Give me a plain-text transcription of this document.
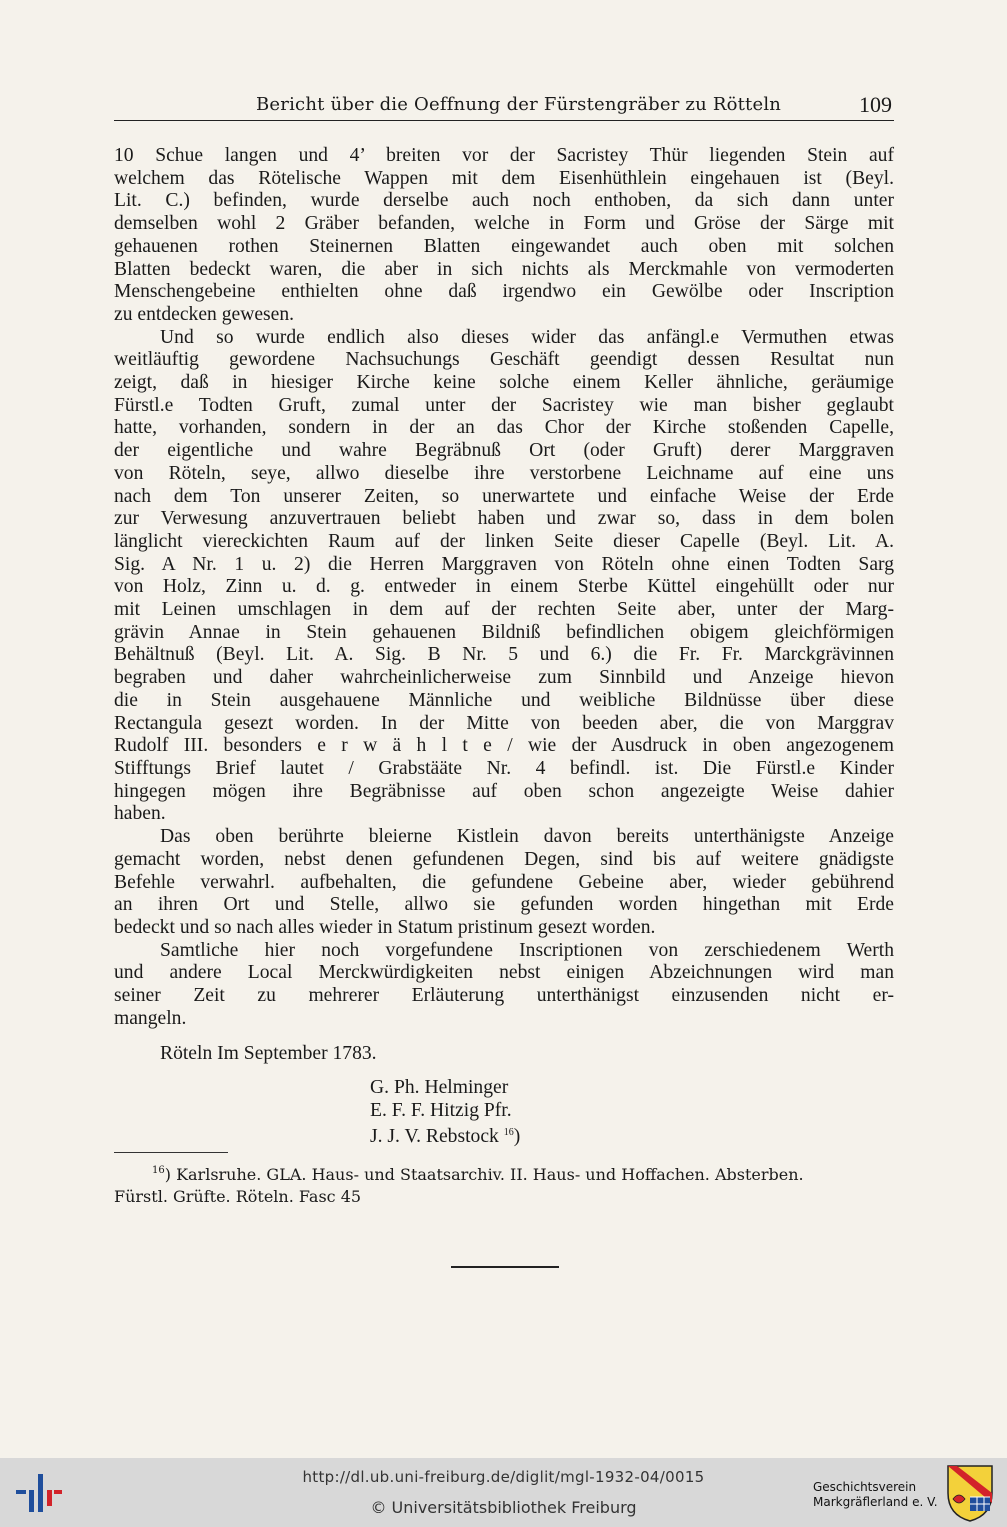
Bericht über die Oeffnung der Fürstengräber zu Rötteln	109

10 Schue langen und 4’ breiten vor der Sacristey Thür liegenden Stein auf
welchem das Rötelische Wappen mit dem Eisenhüthlein eingehauen ist (Beyl.
Lit. C.) befinden, wurde derselbe auch noch enthoben, da sich dann unter
demselben wohl 2 Gräber befanden, welche in Form und Gröse der Särge mit
gehauenen rothen Steinernen Blatten eingewandet auch oben mit solchen
Blatten bedeckt waren, die aber in sich nichts als Merckmahle von vermoderten
Menschengebeine enthielten ohne daß irgendwo ein Gewölbe oder Inscription
zu entdecken gewesen.

Und so wurde endlich also dieses wider das anfängl.e Vermuthen etwas
weitläuftig gewordene Nachsuchungs Geschäft geendigt dessen Resultat nun
zeigt, daß in hiesiger Kirche keine solche einem Keller ähnliche, geräumige
Fürstl.e Todten Gruft, zumal unter der Sacristey wie man bisher geglaubt
hatte, vorhanden, sondern in der an das Chor der Kirche stoßenden Capelle,
der eigentliche und wahre Begräbnuß Ort (oder Gruft) derer Marggraven
von Röteln, seye, allwo dieselbe ihre verstorbene Leichname auf eine uns
nach dem Ton unserer Zeiten, so unerwartete und einfache Weise der Erde
zur Verwesung anzuvertrauen beliebt haben und zwar so, dass in dem bolen
länglicht viereckichten Raum auf der linken Seite dieser Capelle (Beyl. Lit. A.
Sig. A Nr. 1 u. 2) die Herren Marggraven von Röteln ohne einen Todten Sarg
von Holz, Zinn u. d. g. entweder in einem Sterbe Küttel eingehüllt oder nur
mit Leinen umschlagen in dem auf der rechten Seite aber, unter der Marg-
grävin Annae in Stein gehauenen Bildniß befindlichen obigem gleichförmigen
Behältnuß (Beyl. Lit. A. Sig. B Nr. 5 und 6.) die Fr. Fr. Marckgrävinnen
begraben und daher wahrcheinlicherweise zum Sinnbild und Anzeige hievon
die in Stein ausgehauene Männliche und weibliche Bildnüsse über diese
Rectangula gesezt worden. In der Mitte von beeden aber, die von Marggrav
Rudolf III. besonders e r w ä h l t e / wie der Ausdruck in oben angezogenem
Stifftungs Brief lautet / Grabstääte Nr. 4 befindl. ist. Die Fürstl.e Kinder
hingegen mögen ihre Begräbnisse auf oben schon angezeigte Weise dahier
haben.

Das oben berührte bleierne Kistlein davon bereits unterthänigste Anzeige
gemacht worden, nebst denen gefundenen Degen, sind bis auf weitere gnädigste
Befehle verwahrl. aufbehalten, die gefundene Gebeine aber, wieder gebührend
an ihren Ort und Stelle, allwo sie gefunden worden hingethan mit Erde
bedeckt und so nach alles wieder in Statum pristinum gesezt worden.

Samtliche hier noch vorgefundene Inscriptionen von zerschiedenem Werth
und andere Local Merckwürdigkeiten nebst einigen Abzeichnungen wird man
seiner Zeit zu mehrerer Erläuterung unterthänigst einzusenden nicht er-
mangeln.

Röteln Im September 1783.
G. Ph. Helminger
E. F. F. Hitzig Pfr.
J. J. V. Rebstock $^{16}$)
$^{16}$) Karlsruhe. GLA. Haus- und Staatsarchiv. II. Haus- und Hoffachen. Absterben.
Fürstl. Grüfte. Röteln. Fasc 45
http://dl.ub.uni-freiburg.de/diglit/mgl-1932-04/0015
© Universitätsbibliothek Freiburg
Geschichtsverein
Markgräflerland e. V.
